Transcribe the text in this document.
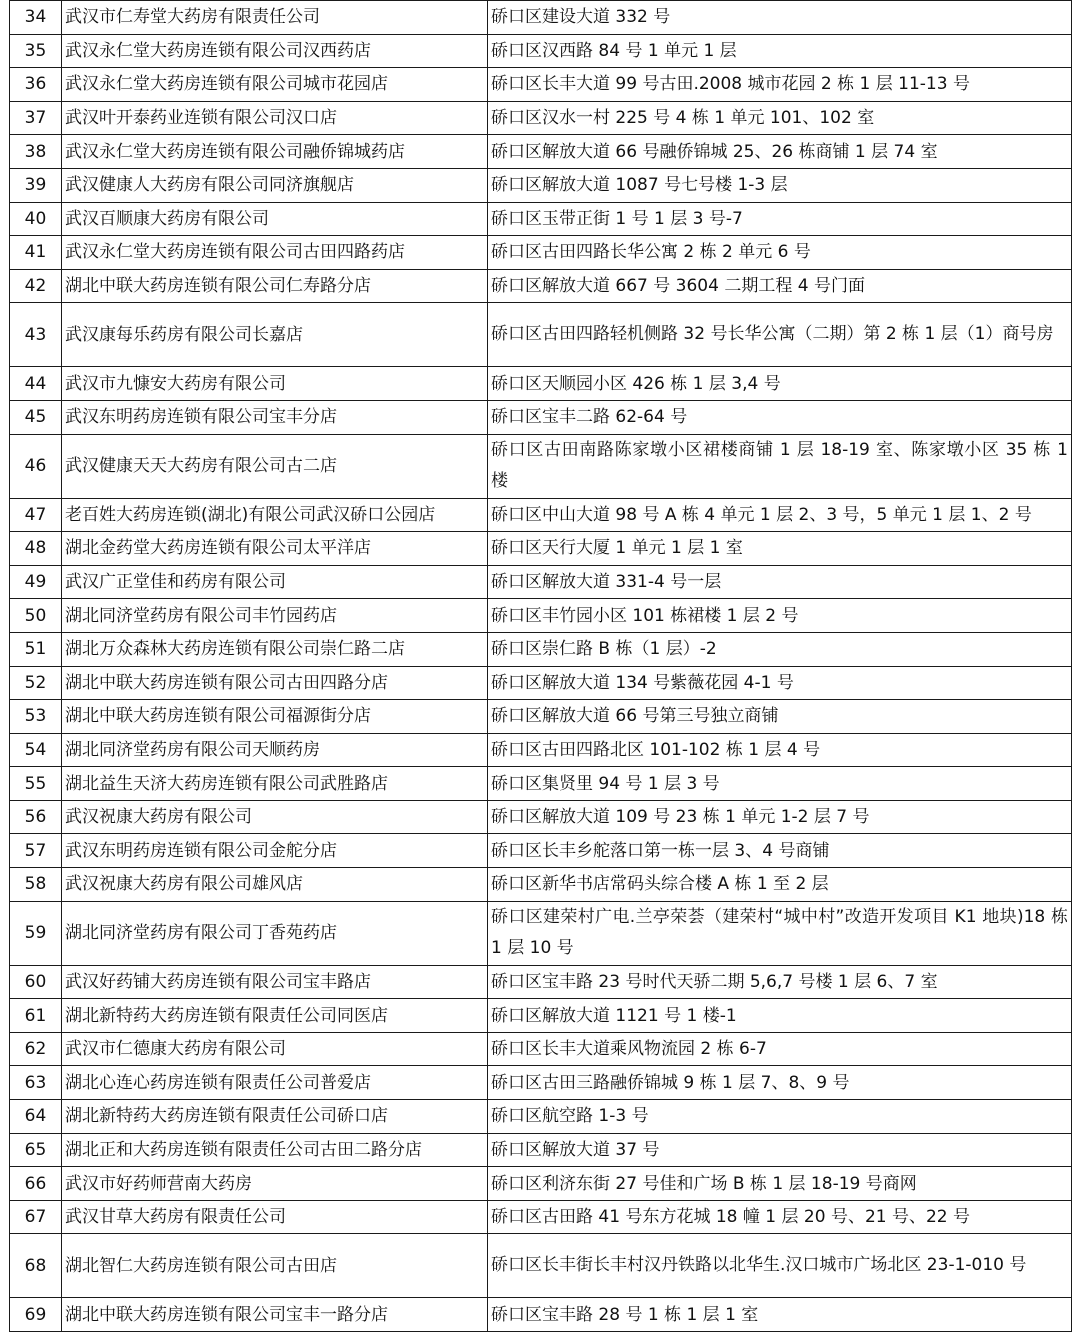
34	武汉市仁寿堂大药房有限责任公司	硚口区建设大道 332 号
35	武汉永仁堂大药房连锁有限公司汉西药店	硚口区汉西路 84 号 1 单元 1 层
36	武汉永仁堂大药房连锁有限公司城市花园店	硚口区长丰大道 99 号古田.2008 城市花园 2 栋 1 层 11-13 号
37	武汉叶开泰药业连锁有限公司汉口店	硚口区汉水一村 225 号 4 栋 1 单元 101、102 室
38	武汉永仁堂大药房连锁有限公司融侨锦城药店	硚口区解放大道 66 号融侨锦城 25、26 栋商铺 1 层 74 室
39	武汉健康人大药房有限公司同济旗舰店	硚口区解放大道 1087 号七号楼 1-3 层
40	武汉百顺康大药房有限公司	硚口区玉带正街 1 号 1 层 3 号-7
41	武汉永仁堂大药房连锁有限公司古田四路药店	硚口区古田四路长华公寓 2 栋 2 单元 6 号
42	湖北中联大药房连锁有限公司仁寿路分店	硚口区解放大道 667 号 3604 二期工程 4 号门面
43	武汉康每乐药房有限公司长嘉店	硚口区古田四路轻机侧路 32 号长华公寓（二期）第 2 栋 1 层（1）商号房
44	武汉市九慷安大药房有限公司	硚口区天顺园小区 426 栋 1 层 3,4 号
45	武汉东明药房连锁有限公司宝丰分店	硚口区宝丰二路 62-64 号
46	武汉健康天天大药房有限公司古二店	硚口区古田南路陈家墩小区裙楼商铺 1 层 18-19 室、陈家墩小区 35 栋 1 楼
47	老百姓大药房连锁(湖北)有限公司武汉硚口公园店	硚口区中山大道 98 号 A 栋 4 单元 1 层 2、3 号，5 单元 1 层 1、2 号
48	湖北金药堂大药房连锁有限公司太平洋店	硚口区天行大厦 1 单元 1 层 1 室
49	武汉广正堂佳和药房有限公司	硚口区解放大道 331-4 号一层
50	湖北同济堂药房有限公司丰竹园药店	硚口区丰竹园小区 101 栋裙楼 1 层 2 号
51	湖北万众森林大药房连锁有限公司崇仁路二店	硚口区崇仁路 B 栋（1 层）-2
52	湖北中联大药房连锁有限公司古田四路分店	硚口区解放大道 134 号紫薇花园 4-1 号
53	湖北中联大药房连锁有限公司福源街分店	硚口区解放大道 66 号第三号独立商铺
54	湖北同济堂药房有限公司天顺药房	硚口区古田四路北区 101-102 栋 1 层 4 号
55	湖北益生天济大药房连锁有限公司武胜路店	硚口区集贤里 94 号 1 层 3 号
56	武汉祝康大药房有限公司	硚口区解放大道 109 号 23 栋 1 单元 1-2 层 7 号
57	武汉东明药房连锁有限公司金舵分店	硚口区长丰乡舵落口第一栋一层 3、4 号商铺
58	武汉祝康大药房有限公司雄风店	硚口区新华书店常码头综合楼 A 栋 1 至 2 层
59	湖北同济堂药房有限公司丁香苑药店	硚口区建荣村广电.兰亭荣荟（建荣村“城中村”改造开发项目 K1 地块)18 栋 1 层 10 号
60	武汉好药铺大药房连锁有限公司宝丰路店	硚口区宝丰路 23 号时代天骄二期 5,6,7 号楼 1 层 6、7 室
61	湖北新特药大药房连锁有限责任公司同医店	硚口区解放大道 1121 号 1 楼-1
62	武汉市仁德康大药房有限公司	硚口区长丰大道乘风物流园 2 栋 6-7
63	湖北心连心药房连锁有限责任公司普爱店	硚口区古田三路融侨锦城 9 栋 1 层 7、8、9 号
64	湖北新特药大药房连锁有限责任公司硚口店	硚口区航空路 1-3 号
65	湖北正和大药房连锁有限责任公司古田二路分店	硚口区解放大道 37 号
66	武汉市好药师营南大药房	硚口区利济东街 27 号佳和广场 B 栋 1 层 18-19 号商网
67	武汉甘草大药房有限责任公司	硚口区古田路 41 号东方花城 18 幢 1 层 20 号、21 号、22 号
68	湖北智仁大药房连锁有限公司古田店	硚口区长丰街长丰村汉丹铁路以北华生.汉口城市广场北区 23-1-010 号
69	湖北中联大药房连锁有限公司宝丰一路分店	硚口区宝丰路 28 号 1 栋 1 层 1 室
